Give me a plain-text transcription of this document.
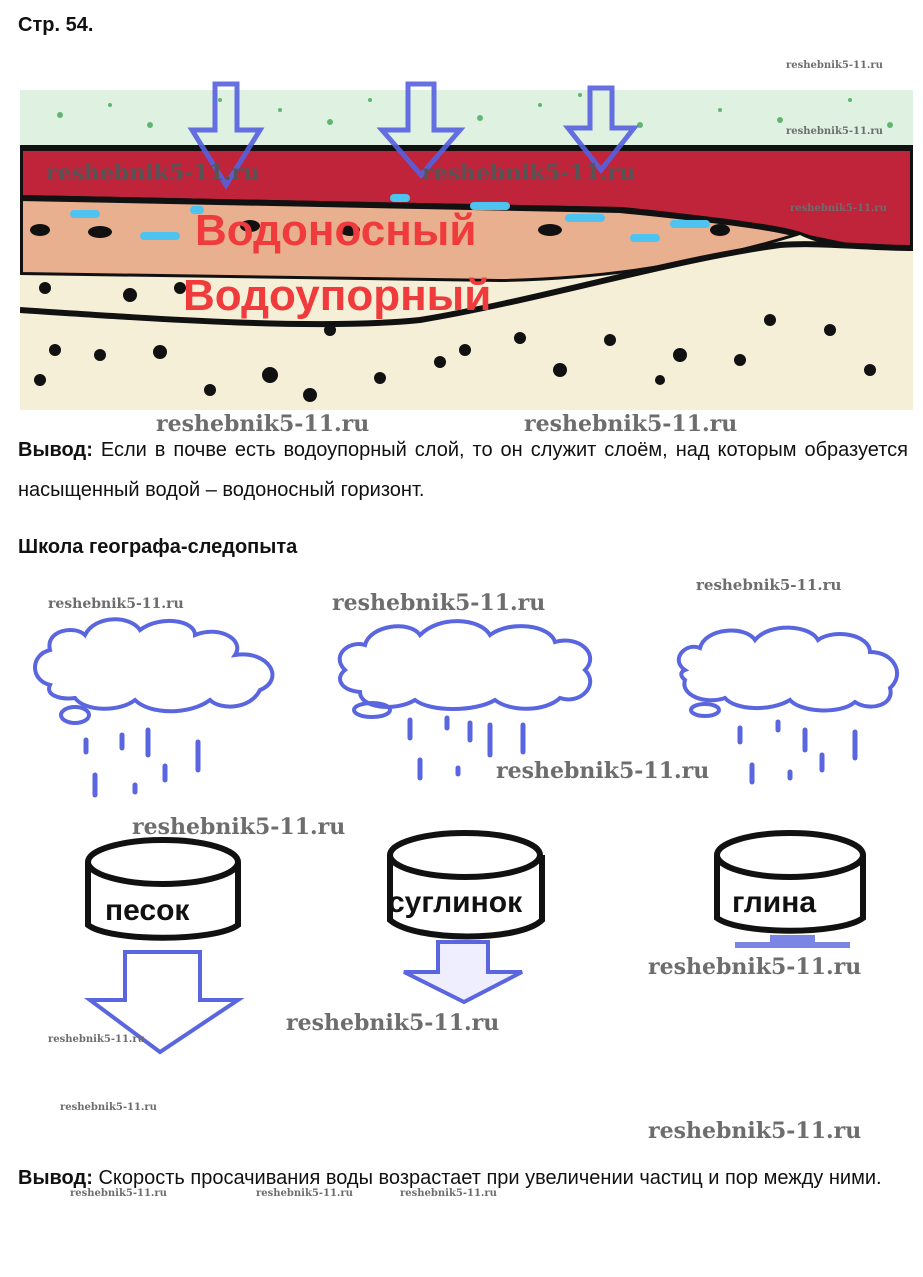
Стр. 54.
Водоносный
Водоупорный
reshebnik5-11.ru
reshebnik5-11.ru
reshebnik5-11.ru
reshebnik5-11.ru	reshebnik5-11.ru
reshebnik5-11.ru	reshebnik5-11.ru
Вывод: Если в почве есть водоупорный слой, то он служит слоём, над которым образуется насыщенный водой – водоносный горизонт.
Школа географа-следопыта
песок	суглинок	глина
reshebnik5-11.ru	reshebnik5-11.ru
reshebnik5-11.ru
reshebnik5-11.ru
reshebnik5-11.ru
reshebnik5-11.ru
reshebnik5-11.ru
reshebnik5-11.ru
reshebnik5-11.ru
reshebnik5-11.ru
Вывод: Скорость просачивания воды возрастает при увеличении частиц и пор между ними.
reshebnik5-11.ru	reshebnik5-11.ru	reshebnik5-11.ru
